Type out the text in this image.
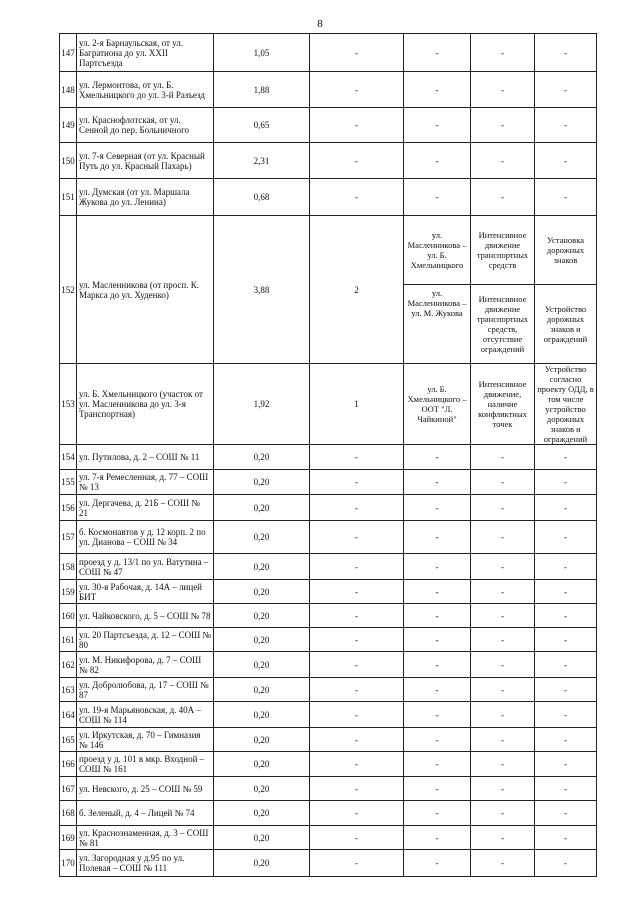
8
147	ул. 2-я Барнаульская, от ул. Багратиона до ул. XXII Партсъезда	1,05	-	-	-	-
148	ул. Лермонтова, от ул. Б. Хмельницкого до ул. 3-й Разъезд	1,88	-	-	-	-
149	ул. Краснофлотская, от ул. Сенной до пер. Больничного	0,65	-	-	-	-
150	ул. 7-я Северная (от ул. Красный Путь до ул. Красный Пахарь)	2,31	-	-	-	-
151	ул. Думская (от ул. Маршала Жукова до ул. Ленина)	0,68	-	-	-	-
152	ул. Масленникова (от просп. К. Маркса до ул. Худенко)	3,88	2	ул. Масленникова – ул. Б. Хмельницкого	Интенсивное движение транспортных средств	Установка дорожных знаков
				ул. Масленникова – ул. М. Жукова	Интенсивное движение транспортных средств, отсутствие ограждений	Устройство дорожных знаков и ограждений
153	ул. Б. Хмельницкого (участок от ул. Масленникова до ул. 3-я Транспортная)	1,92	1	ул. Б. Хмельницкого – ООТ "Л. Чайкиной"	Интенсивное движение, наличие конфликтных точек	Устройство согласно проекту ОДД, в том числе устройство дорожных знаков и ограждений
154	ул. Путилова, д. 2 – СОШ № 11	0,20	-	-	-	-
155	ул. 7-я Ремесленная, д. 77 – СОШ № 13	0,20	-	-	-	-
156	ул. Дергачева, д. 21Б – СОШ № 21	0,20	-	-	-	-
157	б. Космонавтов у д. 12 корп. 2 по ул. Дианова – СОШ № 34	0,20	-	-	-	-
158	проезд у д. 13/1 по ул. Ватутина – СОШ № 47	0,20	-	-	-	-
159	ул. 30-я Рабочая, д. 14А – лицей БИТ	0,20	-	-	-	-
160	ул. Чайковского, д. 5 – СОШ № 78	0,20	-	-	-	-
161	ул. 20 Партсъезда, д. 12 – СОШ № 80	0,20	-	-	-	-
162	ул. М. Никифорова, д. 7 – СОШ № 82	0,20	-	-	-	-
163	ул. Добролюбова, д. 17 – СОШ № 87	0,20	-	-	-	-
164	ул. 19-я Марьяновская, д. 40А – СОШ № 114	0,20	-	-	-	-
165	ул. Иркутская, д. 70 – Гимназия № 146	0,20	-	-	-	-
166	проезд у д. 101 в мкр. Входной – СОШ № 161	0,20	-	-	-	-
167	ул. Невского, д. 25 – СОШ № 59	0,20	-	-	-	-
168	б. Зеленый, д. 4 – Лицей № 74	0,20	-	-	-	-
169	ул. Краснознаменная, д. 3 – СОШ № 81	0,20	-	-	-	-
170	ул. Загородная у д.95 по ул. Полевая – СОШ № 111	0,20	-	-	-	-
